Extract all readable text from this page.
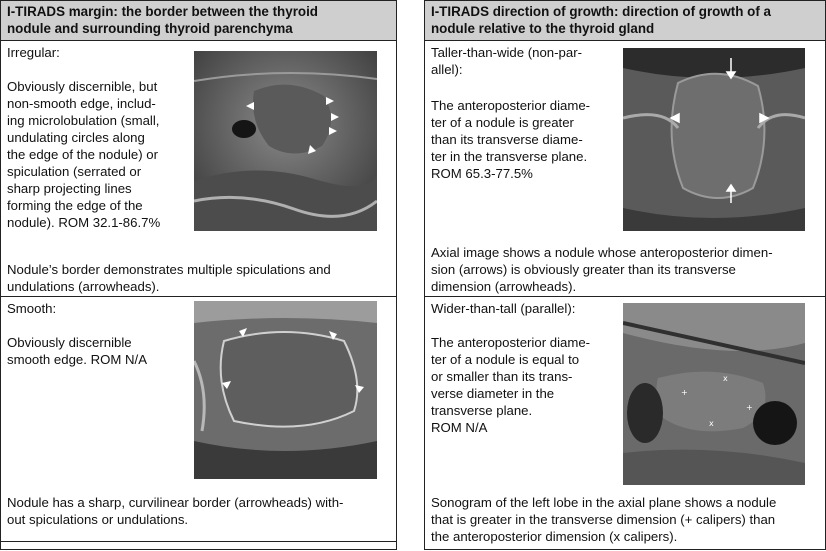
I-TIRADS margin: the border between the thyroid
nodule and surrounding thyroid parenchyma
Irregular:
Obviously discernible, but
non-smooth edge, includ-
ing microlobulation (small,
undulating circles along
the edge of the nodule) or
spiculation (serrated or
sharp projecting lines
forming the edge of the
nodule). ROM 32.1-86.7%
Nodule’s border demonstrates multiple spiculations and
undulations (arrowheads).
Smooth:
Obviously discernible
smooth edge. ROM N/A
Nodule has a sharp, curvilinear border (arrowheads) with-
out spiculations or undulations.
I-TIRADS direction of growth: direction of growth of a
nodule relative to the thyroid gland
Taller-than-wide (non-par-
allel):
The anteroposterior diame-
ter of a nodule is greater
than its transverse diame-
ter in the transverse plane.
ROM 65.3-77.5%
Axial image shows a nodule whose anteroposterior dimen-
sion (arrows) is obviously greater than its transverse
dimension (arrowheads).
Wider-than-tall (parallel):
The anteroposterior diame-
ter of a nodule is equal to
or smaller than its trans-
verse diameter in the
transverse plane.
ROM N/A
+
+
x
x
Sonogram of the left lobe in the axial plane shows a nodule
that is greater in the transverse dimension (+ calipers) than
the anteroposterior dimension (x calipers).
